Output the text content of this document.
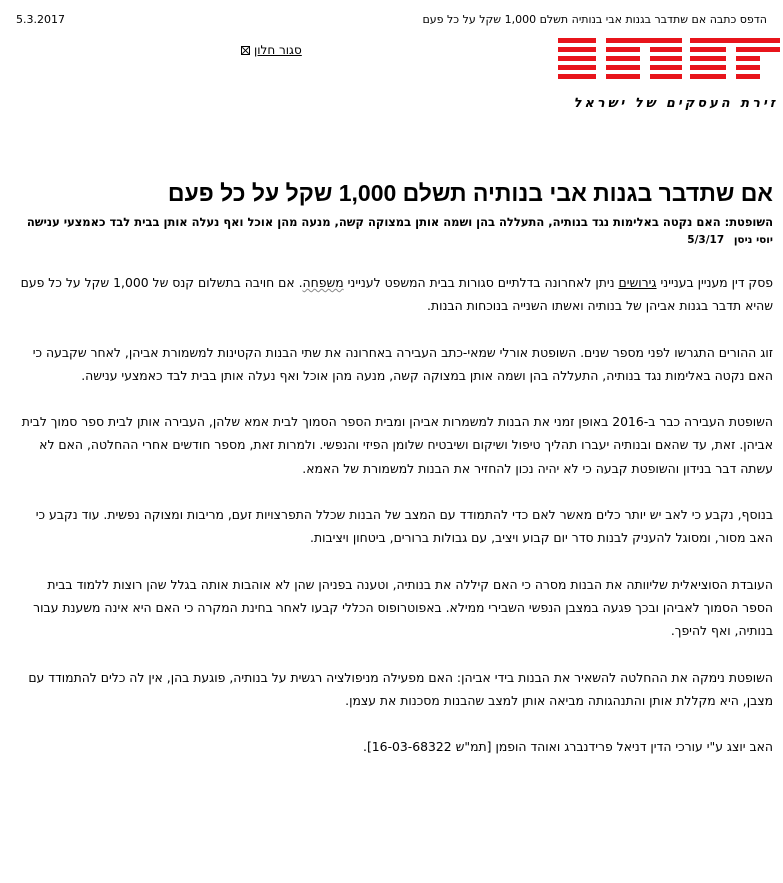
5.3.2017	הדפס כתבה אם שתדבר בגנות אבי בנותיה תשלם 1,000 שקל על כל פעם
זירת העסקים של ישראל
סגור חלון
אם שתדבר בגנות אבי בנותיה תשלם 1,000 שקל על כל פעם
השופטת: האם נקטה באלימות נגד בנותיה, התעללה בהן ושמה אותן במצוקה קשה, מנעה מהן אוכל ואף נעלה אותן בבית לבד כאמצעי ענישה
יוסי ניסן 5/3/17

פסק דין מעניין בענייני גירושים ניתן לאחרונה בדלתיים סגורות בבית המשפט לענייני משפחה. אם חויבה בתשלום קנס של 1,000 שקל על כל פעם שהיא תדבר בגנות אביהן של בנותיה ואשתו השנייה בנוכחות הבנות.

זוג ההורים התגרשו לפני מספר שנים. השופטת אורלי שמאי-כתב העבירה באחרונה את שתי הבנות הקטינות למשמורת אביהן, לאחר שקבעה כי האם נקטה באלימות נגד בנותיה, התעללה בהן ושמה אותן במצוקה קשה, מנעה מהן אוכל ואף נעלה אותן בבית לבד כאמצעי ענישה.

השופטת העבירה כבר ב-2016 באופן זמני את הבנות למשמרות אביהן ומבית הספר הסמוך לבית אמא שלהן, העבירה אותן לבית ספר סמוך לבית אביהן. זאת, עד שהאם ובנותיה יעברו תהליך טיפול ושיקום ושיבטיח שלומן הפיזי והנפשי. ולמרות זאת, מספר חודשים אחרי ההחלטה, האם לא עשתה דבר בנידון והשופטת קבעה כי לא יהיה נכון להחזיר את הבנות למשמורת של האמא.

בנוסף, נקבע כי לאב יש יותר כלים מאשר לאם כדי להתמודד עם המצב של הבנות שכלל התפרצויות זעם, מריבות ומצוקה נפשית. עוד נקבע כי האב מסור, ומסוגל להעניק לבנות סדר יום קבוע ויציב, עם גבולות ברורים, ביטחון ויציבות.

העובדת הסוציאלית שליוותה את הבנות מסרה כי האם קיללה את בנותיה, וטענה בפניהן שהן לא אוהבות אותה בגלל שהן רוצות ללמוד בבית הספר הסמוך לאביהן ובכך פגעה במצבן הנפשי השבירי ממילא. באפוטרופוס הכללי קבעו לאחר בחינת המקרה כי האם היא אינה משענת עבור בנותיה, ואף להיפך.

השופטת נימקה את ההחלטה להשאיר את הבנות בידי אביהן: האם מפעילה מניפולציה רגשית על בנותיה, פוגעת בהן, אין לה כלים להתמודד עם מצבן, היא מקללת אותן והתנהגותה מביאה אותן למצב שהבנות מסכנות את עצמן.

האב יוצג ע"י עורכי הדין דניאל פרידנברג ואוהד הופמן [תמ"ש 16-03-68322].
